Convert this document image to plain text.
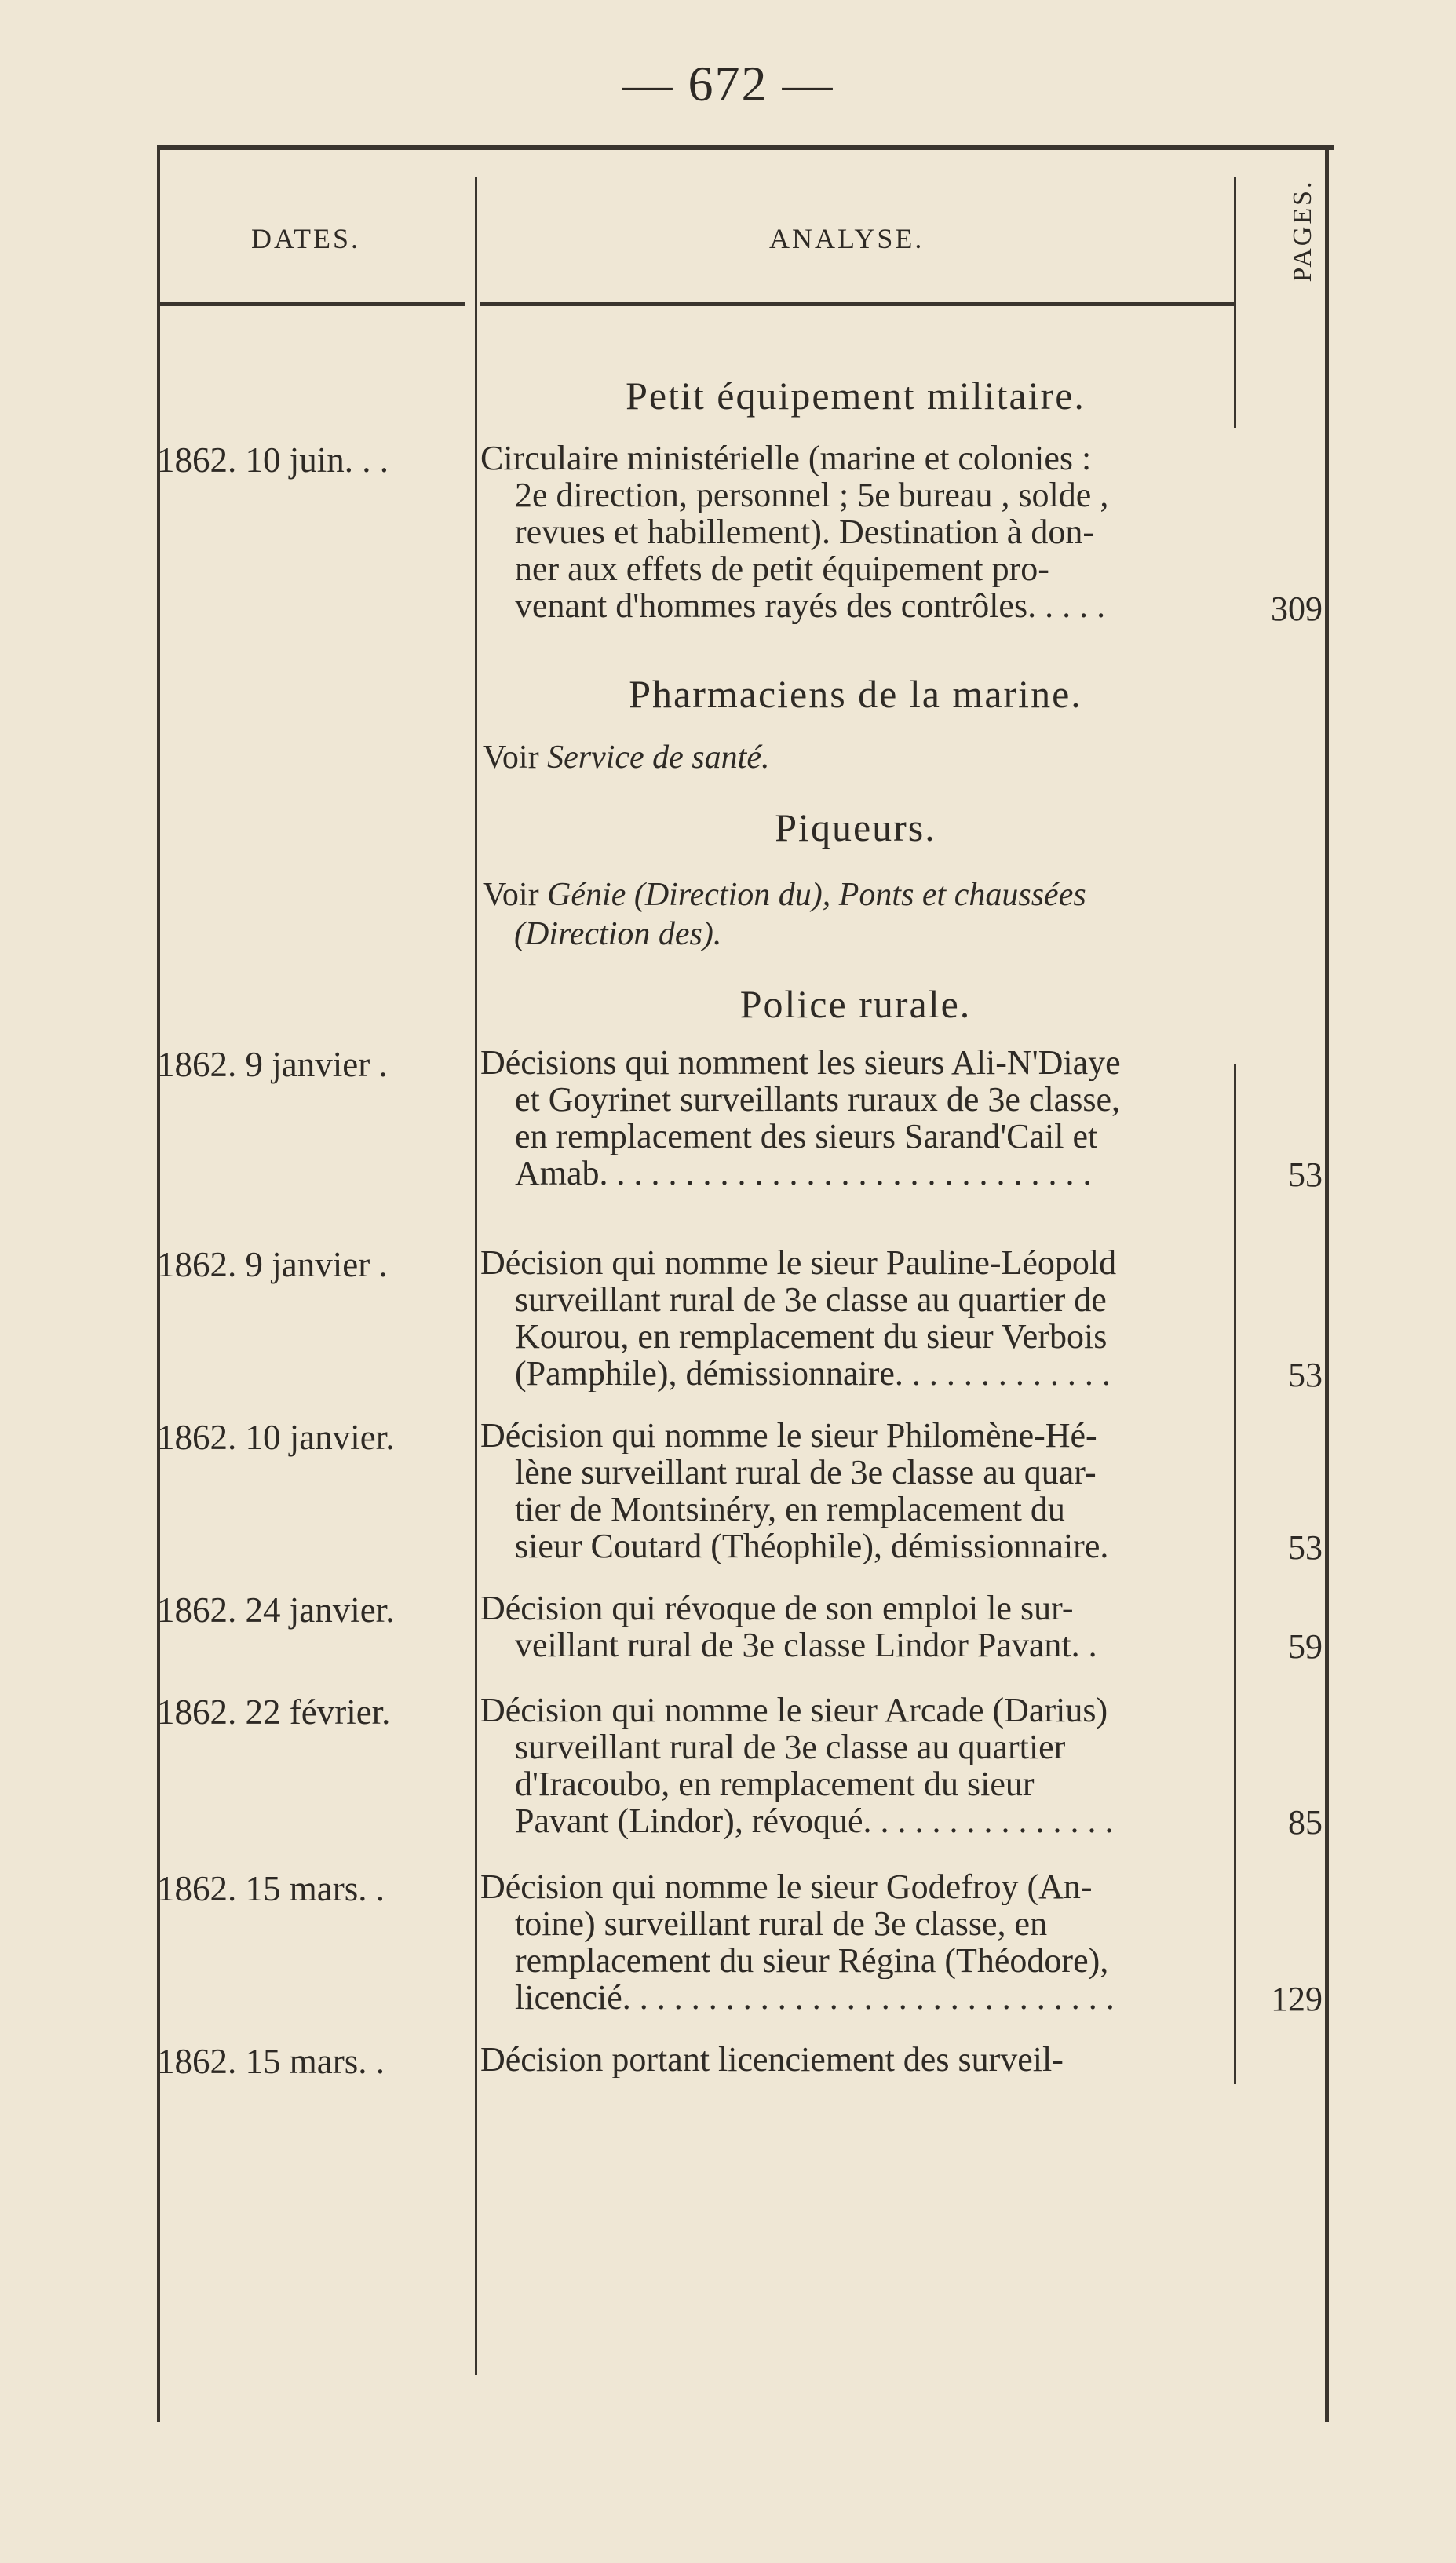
— 672 —
DATES.	ANALYSE.	PAGES.
Petit équipement militaire.
1862. 10 juin. . .	Circulaire ministérielle (marine et colonies :
2e direction, personnel ; 5e bureau , solde ,
revues et habillement). Destination à don-
ner aux effets de petit équipement pro-
venant d'hommes rayés des contrôles. . . . .	309
Pharmaciens de la marine.
Voir Service de santé.
Piqueurs.
Voir Génie (Direction du), Ponts et chaussées
(Direction des).
Police rurale.
1862. 9 janvier .	Décisions qui nomment les sieurs Ali-N'Diaye
et Goyrinet surveillants ruraux de 3e classe,
en remplacement des sieurs Sarand'Cail et
Amab. . . . . . . . . . . . . . . . . . . . . . . . . . . . .	53
1862. 9 janvier .	Décision qui nomme le sieur Pauline-Léopold
surveillant rural de 3e classe au quartier de
Kourou, en remplacement du sieur Verbois
(Pamphile), démissionnaire. . . . . . . . . . . . .	53
1862. 10 janvier.	Décision qui nomme le sieur Philomène-Hé-
lène surveillant rural de 3e classe au quar-
tier de Montsinéry, en remplacement du
sieur Coutard (Théophile), démissionnaire.	53
1862. 24 janvier.	Décision qui révoque de son emploi le sur-
veillant rural de 3e classe Lindor Pavant. .	59
1862. 22 février.	Décision qui nomme le sieur Arcade (Darius)
surveillant rural de 3e classe au quartier
d'Iracoubo, en remplacement du sieur
Pavant (Lindor), révoqué. . . . . . . . . . . . . . .	85
1862. 15 mars. .	Décision qui nomme le sieur Godefroy (An-
toine) surveillant rural de 3e classe, en
remplacement du sieur Régina (Théodore),
licencié. . . . . . . . . . . . . . . . . . . . . . . . . . . . .	129
1862. 15 mars. .	Décision portant licenciement des surveil-
